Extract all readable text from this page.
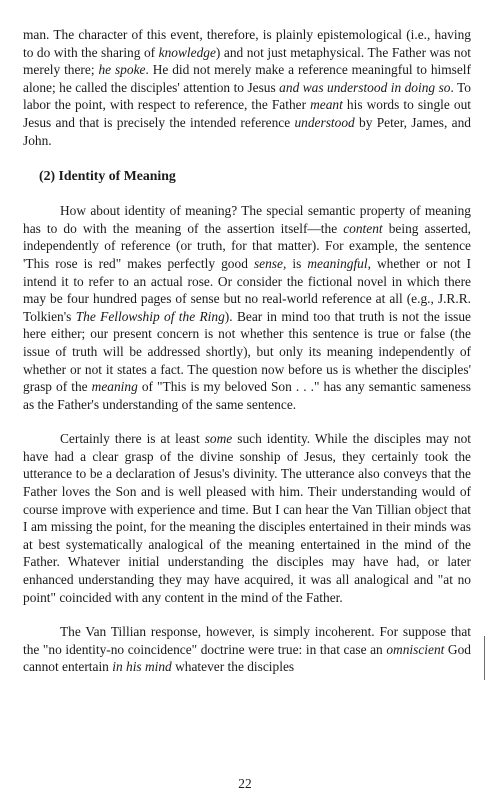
man. The character of this event, therefore, is plainly epistemological (i.e., having to do with the sharing of knowledge) and not just metaphysical. The Father was not merely there; he spoke. He did not merely make a reference meaningful to himself alone; he called the disciples' attention to Jesus and was understood in doing so. To labor the point, with respect to reference, the Father meant his words to single out Jesus and that is precisely the intended reference understood by Peter, James, and John.

(2) Identity of Meaning

How about identity of meaning? The special semantic property of meaning has to do with the meaning of the assertion itself—the content being asserted, independently of reference (or truth, for that matter). For example, the sentence 'This rose is red" makes perfectly good sense, is meaningful, whether or not I intend it to refer to an actual rose. Or consider the fictional novel in which there may be four hundred pages of sense but no real-world reference at all (e.g., J.R.R. Tolkien's The Fellowship of the Ring). Bear in mind too that truth is not the issue here either; our present concern is not whether this sentence is true or false (the issue of truth will be addressed shortly), but only its meaning independently of whether or not it states a fact. The question now before us is whether the disciples' grasp of the meaning of "This is my beloved Son . . ." has any semantic sameness as the Father's understanding of the same sentence.

Certainly there is at least some such identity. While the disciples may not have had a clear grasp of the divine sonship of Jesus, they certainly took the utterance to be a declaration of Jesus's divinity. The utterance also conveys that the Father loves the Son and is well pleased with him. Their understanding would of course improve with experience and time. But I can hear the Van Tillian object that I am missing the point, for the meaning the disciples entertained in their minds was at best systematically analogical of the meaning entertained in the mind of the Father. Whatever initial understanding the disciples may have had, or later enhanced understanding they may have acquired, it was all analogical and "at no point" coincided with any content in the mind of the Father.

The Van Tillian response, however, is simply incoherent. For suppose that the "no identity-no coincidence" doctrine were true: in that case an omniscient God cannot entertain in his mind whatever the disciples

22
